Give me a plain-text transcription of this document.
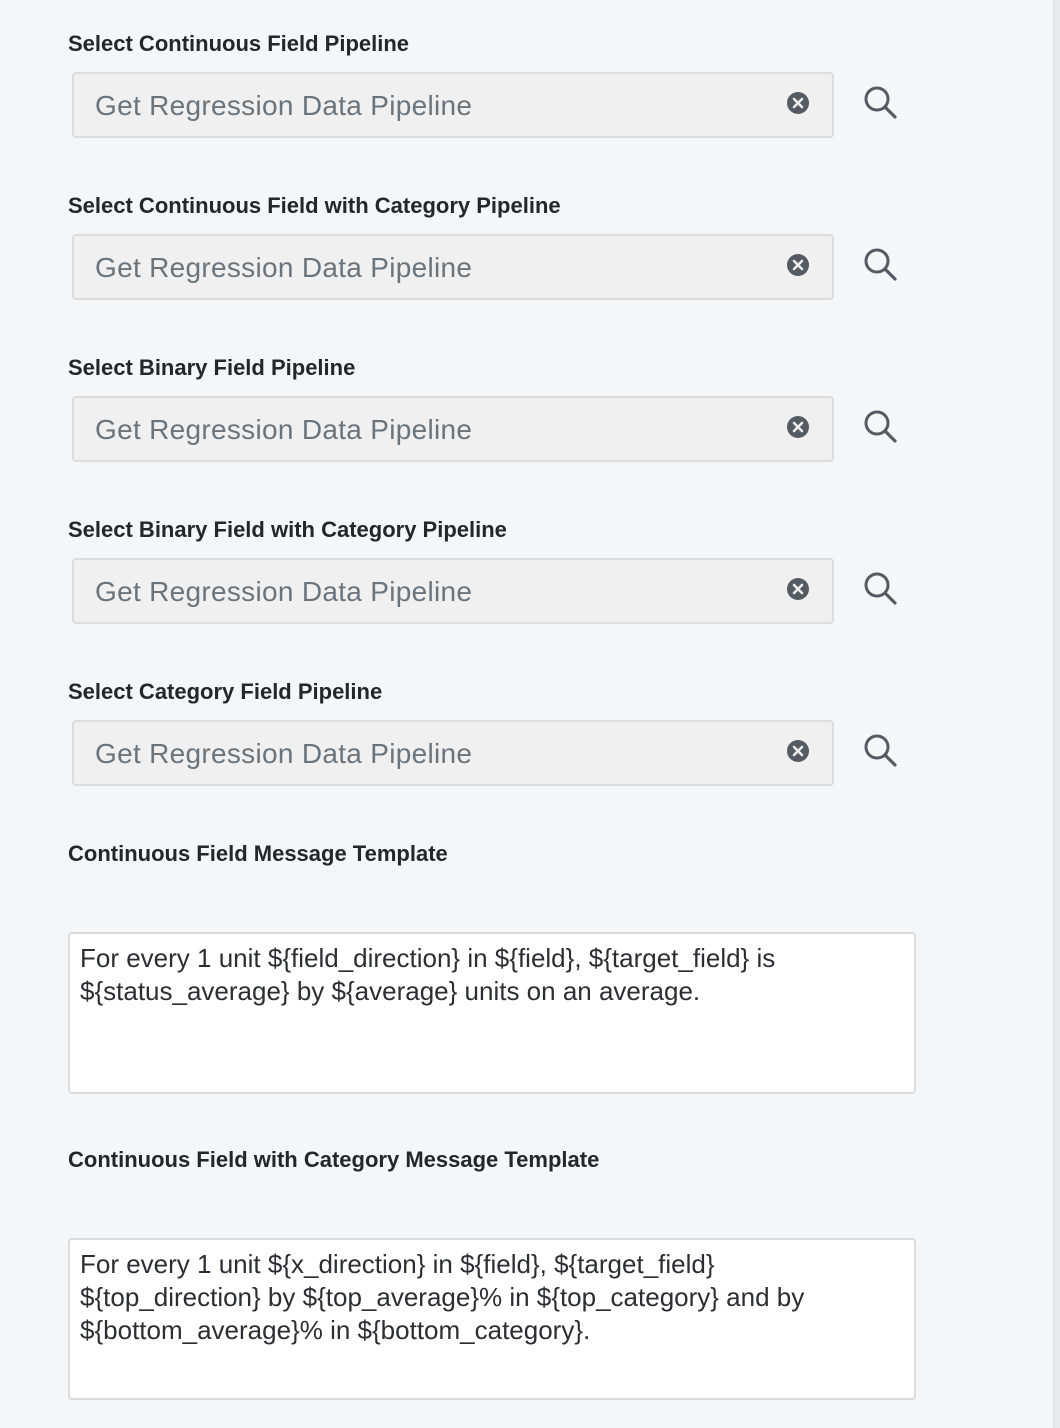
Select Continuous Field Pipeline
Get Regression Data Pipeline
Select Continuous Field with Category Pipeline
Get Regression Data Pipeline
Select Binary Field Pipeline
Get Regression Data Pipeline
Select Binary Field with Category Pipeline
Get Regression Data Pipeline
Select Category Field Pipeline
Get Regression Data Pipeline
Continuous Field Message Template
For every 1 unit ${field_direction} in ${field}, ${target_field} is
${status_average} by ${average} units on an average.
Continuous Field with Category Message Template
For every 1 unit ${x_direction} in ${field}, ${target_field}
${top_direction} by ${top_average}% in ${top_category} and by
${bottom_average}% in ${bottom_category}.
